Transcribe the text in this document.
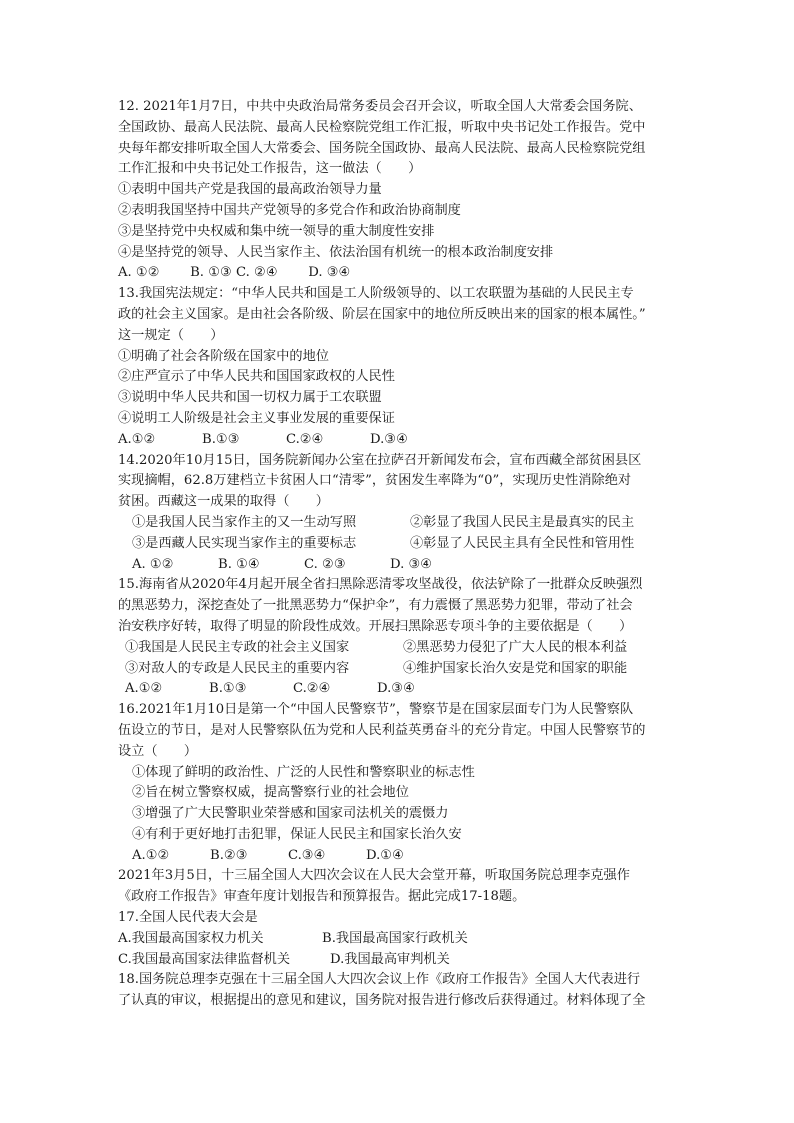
12. 2021年1月7日，中共中央政治局常务委员会召开会议，听取全国人大常委会国务院、
全国政协、最高人民法院、最高人民检察院党组工作汇报，听取中央书记处工作报告。党中
央每年都安排听取全国人大常委会、国务院全国政协、最高人民法院、最高人民检察院党组
工作汇报和中央书记处工作报告，这一做法（　　）
①表明中国共产党是我国的最高政治领导力量
②表明我国坚持中国共产党领导的多党合作和政治协商制度
③是坚持党中央权威和集中统一领导的重大制度性安排
④是坚持党的领导、人民当家作主、依法治国有机统一的根本政治制度安排
A. ①②　　 B. ①③ C. ②④　　 D. ③④
13.我国宪法规定：“中华人民共和国是工人阶级领导的、以工农联盟为基础的人民民主专
政的社会主义国家。是由社会各阶级、阶层在国家中的地位所反映出来的国家的根本属性。”
这一规定（　　）
①明确了社会各阶级在国家中的地位
②庄严宣示了中华人民共和国国家政权的人民性
③说明中华人民共和国一切权力属于工农联盟
④说明工人阶级是社会主义事业发展的重要保证
A.①②	B.①③	C.②④	D.③④
14.2020年10月15日，国务院新闻办公室在拉萨召开新闻发布会，宣布西藏全部贫困县区
实现摘帽，62.8万建档立卡贫困人口“清零”，贫困发生率降为“0”，实现历史性消除绝对
贫困。西藏这一成果的取得（　　）
①是我国人民当家作主的又一生动写照	②彰显了我国人民民主是最真实的民主
③是西藏人民实现当家作主的重要标志	④彰显了人民民主具有全民性和管用性
A. ①②	B. ①④	C. ②③	D. ③④
15.海南省从2020年4月起开展全省扫黑除恶清零攻坚战役，依法铲除了一批群众反映强烈
的黑恶势力，深挖查处了一批黑恶势力“保护伞”，有力震慑了黑恶势力犯罪，带动了社会
治安秩序好转，取得了明显的阶段性成效。开展扫黑除恶专项斗争的主要依据是（　　）
①我国是人民民主专政的社会主义国家	②黑恶势力侵犯了广大人民的根本利益
③对敌人的专政是人民民主的重要内容	④维护国家长治久安是党和国家的职能
A.①②	B.①③	C.②④	D.③④
16.2021年1月10日是第一个“中国人民警察节”，警察节是在国家层面专门为人民警察队
伍设立的节日，是对人民警察队伍为党和人民利益英勇奋斗的充分肯定。中国人民警察节的
设立（　　）
①体现了鲜明的政治性、广泛的人民性和警察职业的标志性
②旨在树立警察权威，提高警察行业的社会地位
③增强了广大民警职业荣誉感和国家司法机关的震慑力
④有利于更好地打击犯罪，保证人民民主和国家长治久安
A.①②	B.②③	C.③④	D.①④
2021年3月5日，十三届全国人大四次会议在人民大会堂开幕，听取国务院总理李克强作
《政府工作报告》审查年度计划报告和预算报告。据此完成17-18题。
17.全国人民代表大会是
A.我国最高国家权力机关	B.我国最高国家行政机关
C.我国最高国家法律监督机关	D.我国最高审判机关
18.国务院总理李克强在十三届全国人大四次会议上作《政府工作报告》全国人大代表进行
了认真的审议，根据提出的意见和建议，国务院对报告进行修改后获得通过。材料体现了全
